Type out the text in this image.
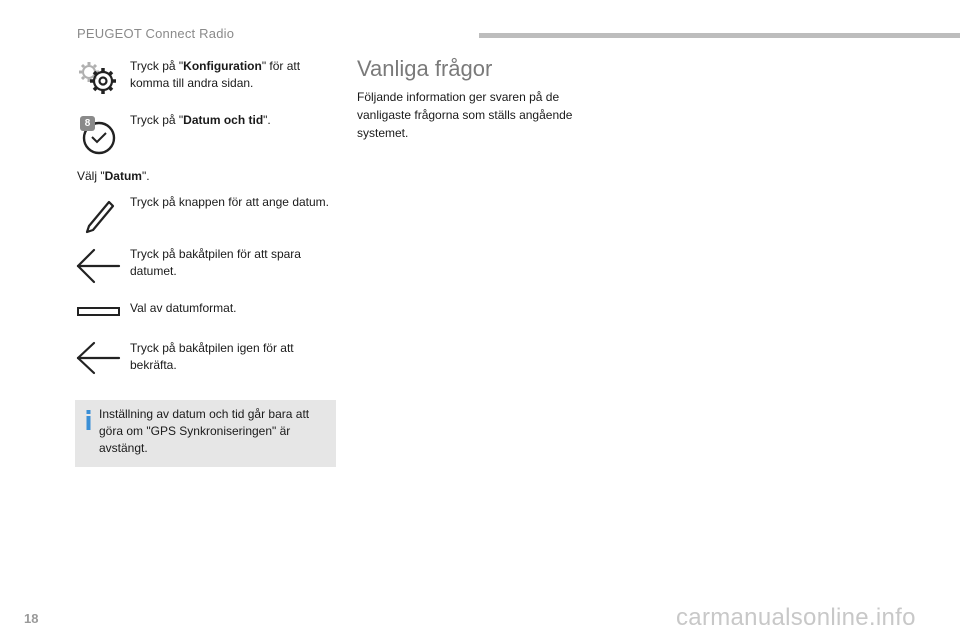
PEUGEOT Connect Radio
Tryck på "Konfiguration" för att komma till andra sidan.
8	Tryck på "Datum och tid".
Välj "Datum".
Tryck på knappen för att ange datum.
Tryck på bakåtpilen för att spara datumet.
Val av datumformat.
Tryck på bakåtpilen igen för att bekräfta.
Inställning av datum och tid går bara att göra om "GPS Synkroniseringen" är avstängt.
Vanliga frågor
Följande information ger svaren på de vanligaste frågorna som ställs angående systemet.
18	carmanualsonline.info
